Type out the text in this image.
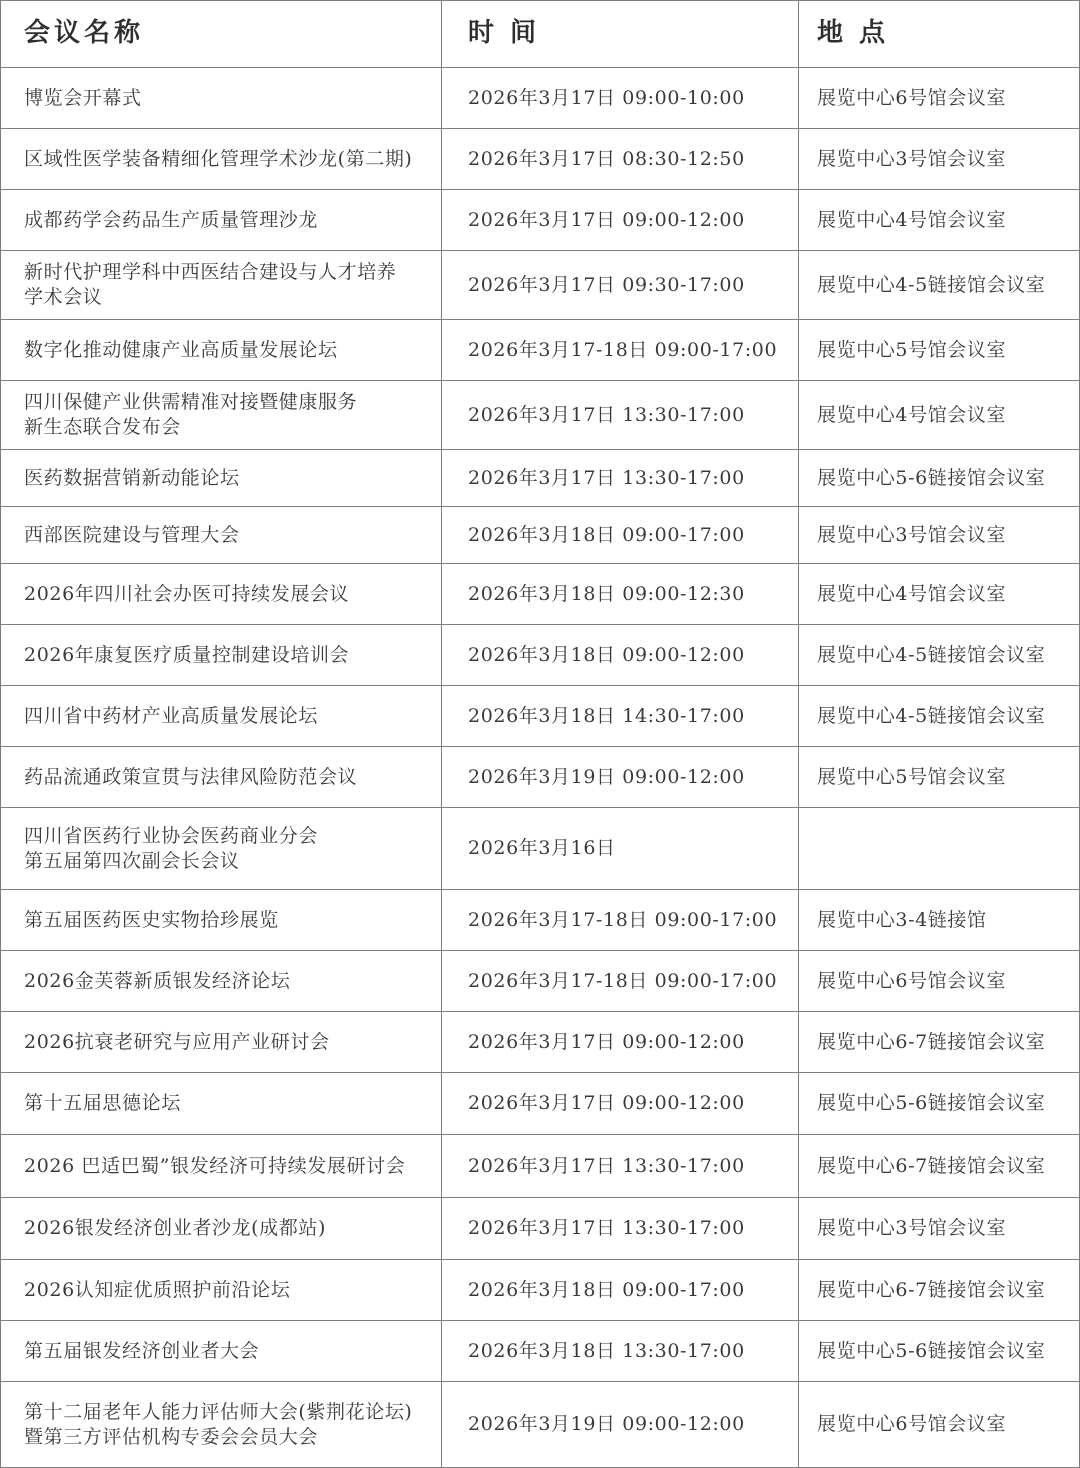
会议名称	时间	地点
博览会开幕式	2026年3月17日 09:00-10:00	展览中心6号馆会议室
区域性医学装备精细化管理学术沙龙(第二期)	2026年3月17日 08:30-12:50	展览中心3号馆会议室
成都药学会药品生产质量管理沙龙	2026年3月17日 09:00-12:00	展览中心4号馆会议室
新时代护理学科中西医结合建设与人才培养
学术会议
2026年3月17日 09:30-17:00	展览中心4-5链接馆会议室
数字化推动健康产业高质量发展论坛	2026年3月17-18日 09:00-17:00	展览中心5号馆会议室
四川保健产业供需精准对接暨健康服务
新生态联合发布会
2026年3月17日 13:30-17:00	展览中心4号馆会议室
医药数据营销新动能论坛	2026年3月17日 13:30-17:00	展览中心5-6链接馆会议室
西部医院建设与管理大会	2026年3月18日 09:00-17:00	展览中心3号馆会议室
2026年四川社会办医可持续发展会议	2026年3月18日 09:00-12:30	展览中心4号馆会议室
2026年康复医疗质量控制建设培训会	2026年3月18日 09:00-12:00	展览中心4-5链接馆会议室
四川省中药材产业高质量发展论坛	2026年3月18日 14:30-17:00	展览中心4-5链接馆会议室
药品流通政策宣贯与法律风险防范会议	2026年3月19日 09:00-12:00	展览中心5号馆会议室
四川省医药行业协会医药商业分会
第五届第四次副会长会议
2026年3月16日
第五届医药医史实物拾珍展览	2026年3月17-18日 09:00-17:00	展览中心3-4链接馆
2026金芙蓉新质银发经济论坛	2026年3月17-18日 09:00-17:00	展览中心6号馆会议室
2026抗衰老研究与应用产业研讨会	2026年3月17日 09:00-12:00	展览中心6-7链接馆会议室
第十五届思德论坛	2026年3月17日 09:00-12:00	展览中心5-6链接馆会议室
2026 巴适巴蜀”银发经济可持续发展研讨会	2026年3月17日 13:30-17:00	展览中心6-7链接馆会议室
2026银发经济创业者沙龙(成都站)	2026年3月17日 13:30-17:00	展览中心3号馆会议室
2026认知症优质照护前沿论坛	2026年3月18日 09:00-17:00	展览中心6-7链接馆会议室
第五届银发经济创业者大会	2026年3月18日 13:30-17:00	展览中心5-6链接馆会议室
第十二届老年人能力评估师大会(紫荆花论坛)
暨第三方评估机构专委会会员大会
2026年3月19日 09:00-12:00	展览中心6号馆会议室
